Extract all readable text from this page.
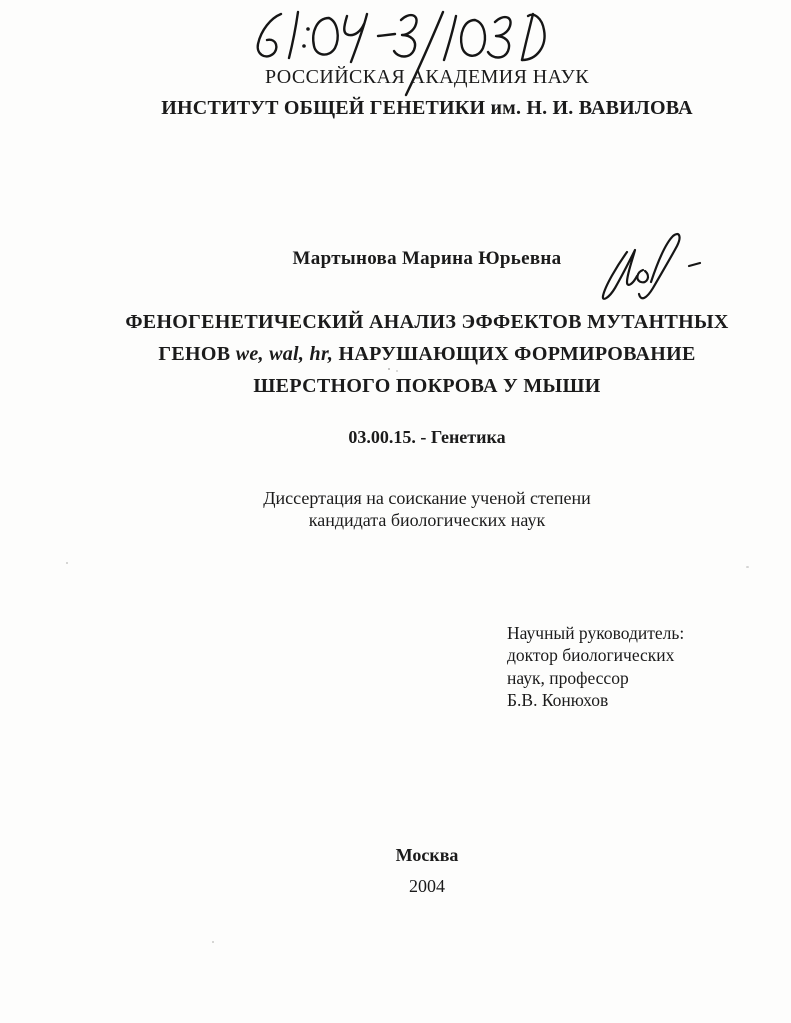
РОССИЙСКАЯ АКАДЕМИЯ НАУК
ИНСТИТУТ ОБЩЕЙ ГЕНЕТИКИ им. Н. И. ВАВИЛОВА
Мартынова Марина Юрьевна
ФЕНОГЕНЕТИЧЕСКИЙ АНАЛИЗ ЭФФЕКТОВ МУТАНТНЫХ
ГЕНОВ we, wal, hr, НАРУШАЮЩИХ ФОРМИРОВАНИЕ
ШЕРСТНОГО ПОКРОВА У МЫШИ
03.00.15. - Генетика
Диссертация на соискание ученой степени
кандидата биологических наук
Научный руководитель:
доктор биологических
наук, профессор
Б.В. Конюхов
Москва
2004
